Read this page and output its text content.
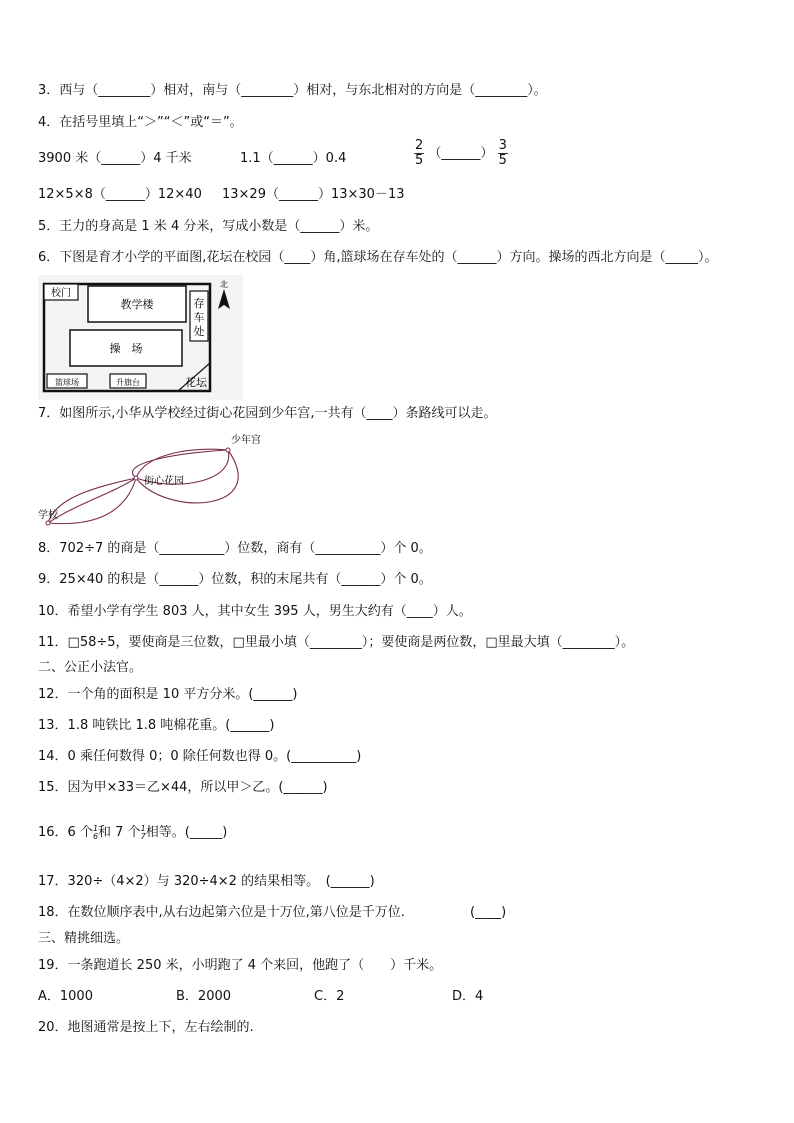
3．西与（________）相对，南与（________）相对，与东北相对的方向是（________）。
4．在括号里填上“＞”“＜”或“＝”。
3900 米（______）4 千米	1.1（______）0.4	$\frac{2}{5}$ （______） $\frac{3}{5}$
12×5×8（______）12×40 13×29（______）13×30－13
5．王力的身高是 1 米 4 分米，写成小数是（______）米。
6．下图是育才小学的平面图,花坛在校园（____）角,篮球场在存车处的（______）方向。操场的西北方向是（_____）。
校门
教学楼	存
车
处
操　场
篮球场	升旗台	花坛
北
7．如图所示,小华从学校经过街心花园到少年宫,一共有（____）条路线可以走。
学校
街心花园
少年宫
8．702÷7 的商是（__________）位数，商有（__________）个 0。
9．25×40 的积是（______）位数，积的末尾共有（______）个 0。
10．希望小学有学生 803 人，其中女生 395 人，男生大约有（____）人。
11．□58÷5，要使商是三位数，□里最小填（________）；要使商是两位数，□里最大填（________）。
二、公正小法官。
12．一个角的面积是 10 平方分米。(______)
13．1.8 吨铁比 1.8 吨棉花重。(______)
14．0 乘任何数得 0；0 除任何数也得 0。(__________)
15．因为甲×33＝乙×44，所以甲＞乙。(______)
16．6 个 1
6 和 7 个 1
7 相等。(_____)
17．320÷（4×2）与 320÷4×2 的结果相等。　(______)
18．在数位顺序表中,从右边起第六位是十万位,第八位是千万位.	(____)
三、精挑细选。
19．一条跑道长 250 米，小明跑了 4 个来回，他跑了（　　）千米。
A．1000	B．2000	C．2	D．4
20．地图通常是按上下，左右绘制的.
